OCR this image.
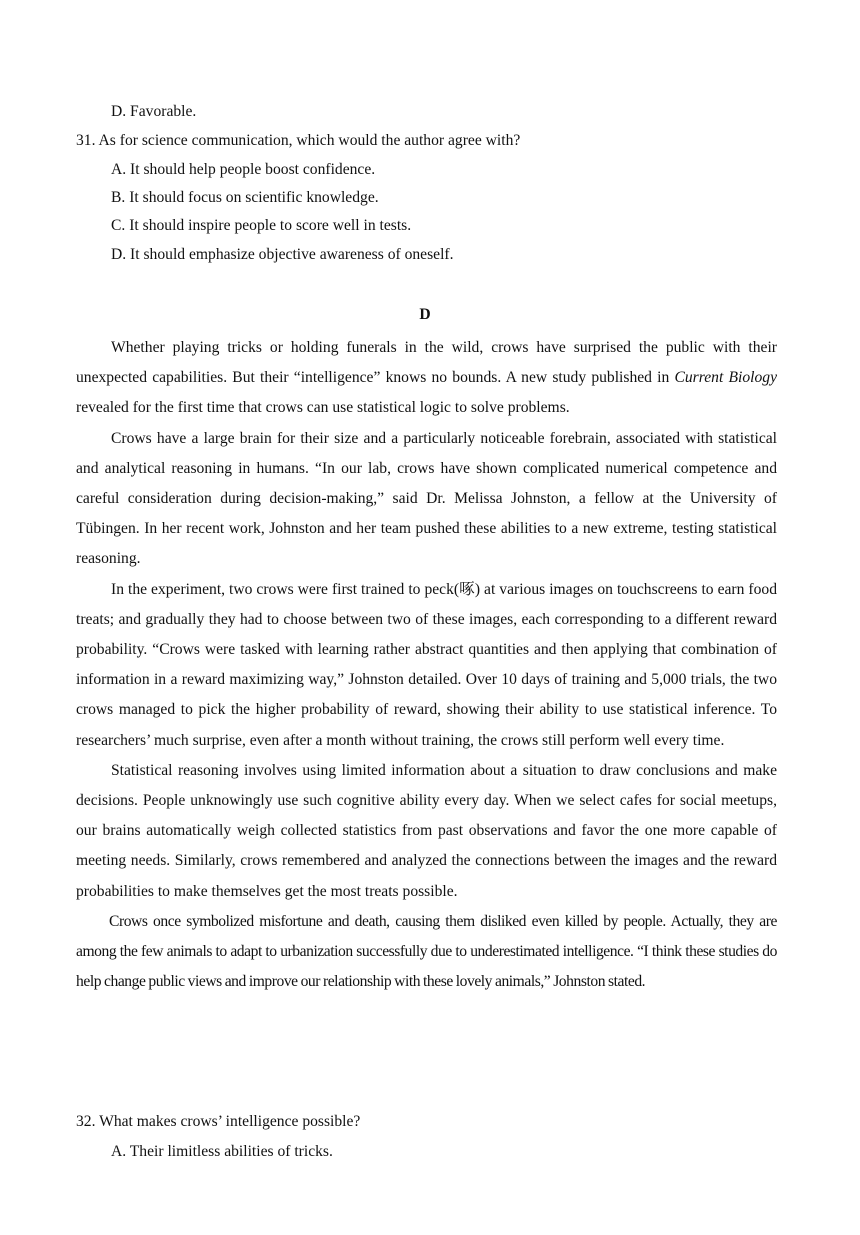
D. Favorable.
31. As for science communication, which would the author agree with?
A. It should help people boost confidence.
B. It should focus on scientific knowledge.
C. It should inspire people to score well in tests.
D. It should emphasize objective awareness of oneself.
D

Whether playing tricks or holding funerals in the wild, crows have surprised the public with their unexpected capabilities. But their “intelligence” knows no bounds. A new study published in Current Biology revealed for the first time that crows can use statistical logic to solve problems.

Crows have a large brain for their size and a particularly noticeable forebrain, associated with statistical and analytical reasoning in humans. “In our lab, crows have shown complicated numerical competence and careful consideration during decision-making,” said Dr. Melissa Johnston, a fellow at the University of Tübingen. In her recent work, Johnston and her team pushed these abilities to a new extreme, testing statistical reasoning.

In the experiment, two crows were first trained to peck(啄) at various images on touchscreens to earn food treats; and gradually they had to choose between two of these images, each corresponding to a different reward probability. “Crows were tasked with learning rather abstract quantities and then applying that combination of information in a reward maximizing way,” Johnston detailed. Over 10 days of training and 5,000 trials, the two crows managed to pick the higher probability of reward, showing their ability to use statistical inference. To researchers’ much surprise, even after a month without training, the crows still perform well every time.

Statistical reasoning involves using limited information about a situation to draw conclusions and make decisions. People unknowingly use such cognitive ability every day. When we select cafes for social meetups, our brains automatically weigh collected statistics from past observations and favor the one more capable of meeting needs. Similarly, crows remembered and analyzed the connections between the images and the reward probabilities to make themselves get the most treats possible.

Crows once symbolized misfortune and death, causing them disliked even killed by people. Actually, they are among the few animals to adapt to urbanization successfully due to underestimated intelligence. “I think these studies do help change public views and improve our relationship with these lovely animals,” Johnston stated.

32. What makes crows’ intelligence possible?
A. Their limitless abilities of tricks.
